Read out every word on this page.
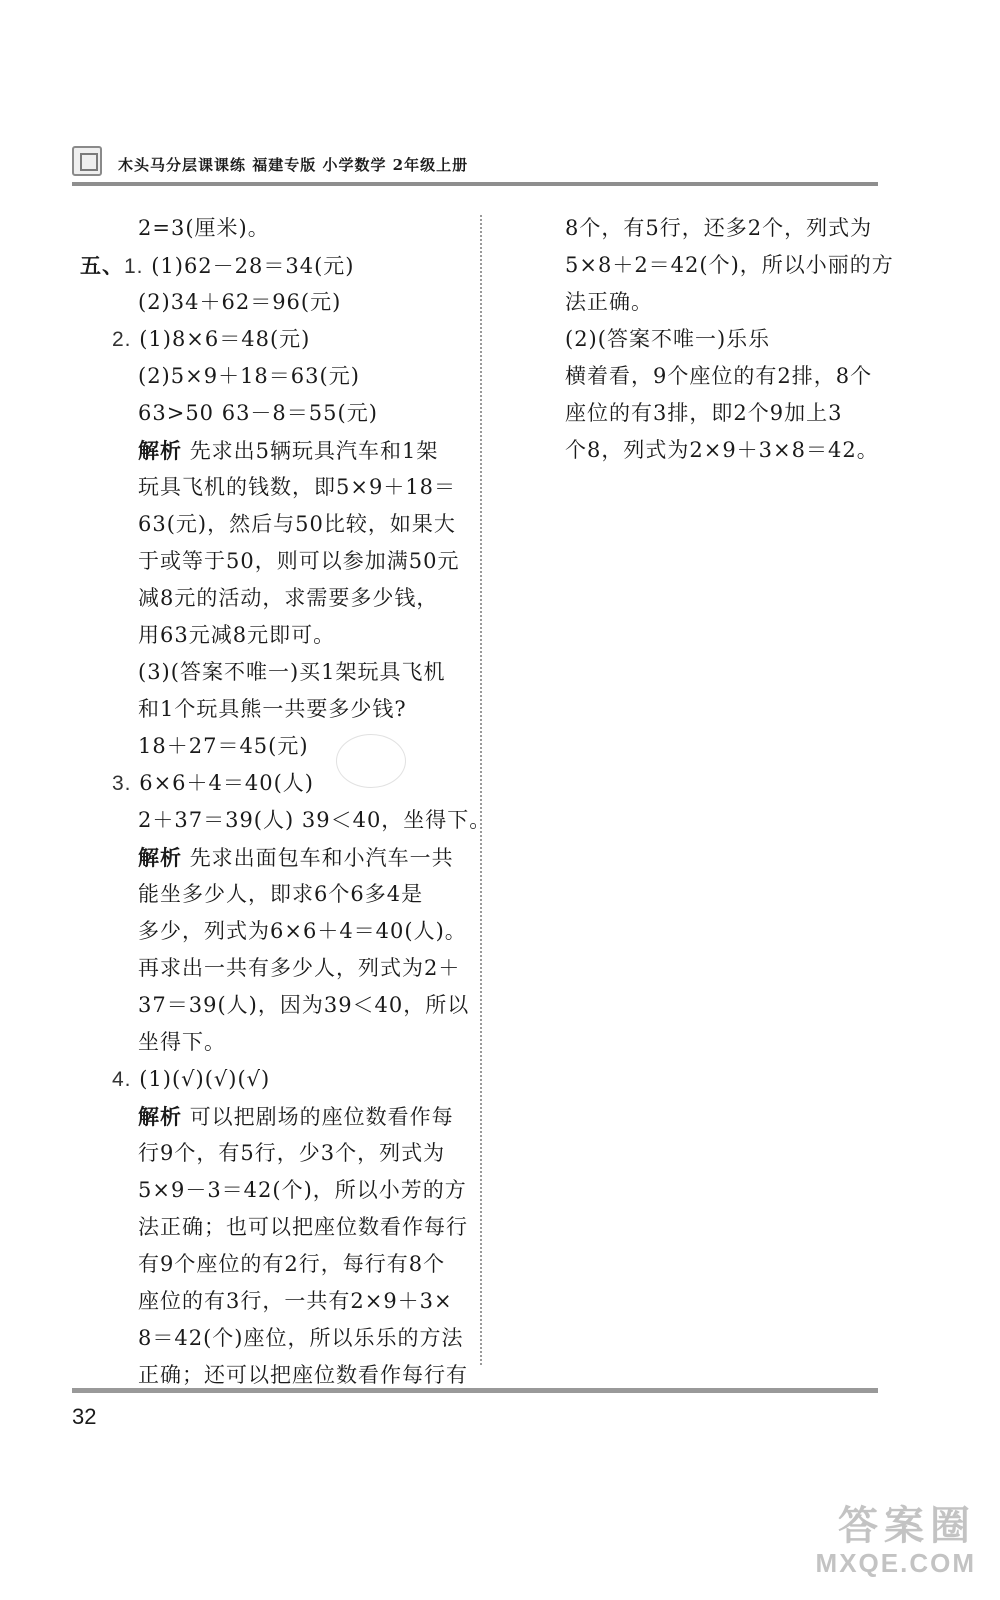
木头马分层课课练 福建专版 小学数学 2年级上册
2=3(厘米)。
五、1. (1)62－28＝34(元)
(2)34＋62＝96(元)
2. (1)8×6＝48(元)
(2)5×9＋18＝63(元)
63>50 63－8＝55(元)
解析 先求出5辆玩具汽车和1架
玩具飞机的钱数，即5×9＋18＝
63(元)，然后与50比较，如果大
于或等于50，则可以参加满50元
减8元的活动，求需要多少钱，
用63元减8元即可。
(3)(答案不唯一)买1架玩具飞机
和1个玩具熊一共要多少钱?
18＋27＝45(元)
3. 6×6＋4＝40(人)
2＋37＝39(人) 39＜40，坐得下。
解析 先求出面包车和小汽车一共
能坐多少人，即求6个6多4是
多少，列式为6×6＋4＝40(人)。
再求出一共有多少人，列式为2＋
37＝39(人)，因为39＜40，所以
坐得下。
4. (1)(√)(√)(√)
解析 可以把剧场的座位数看作每
行9个，有5行，少3个，列式为
5×9－3＝42(个)，所以小芳的方
法正确；也可以把座位数看作每行
有9个座位的有2行，每行有8个
座位的有3行，一共有2×9＋3×
8＝42(个)座位，所以乐乐的方法
正确；还可以把座位数看作每行有
8个，有5行，还多2个，列式为
5×8＋2＝42(个)，所以小丽的方
法正确。
(2)(答案不唯一)乐乐
横着看，9个座位的有2排，8个
座位的有3排，即2个9加上3
个8，列式为2×9＋3×8＝42。
32
答案圈
MXQE.COM
